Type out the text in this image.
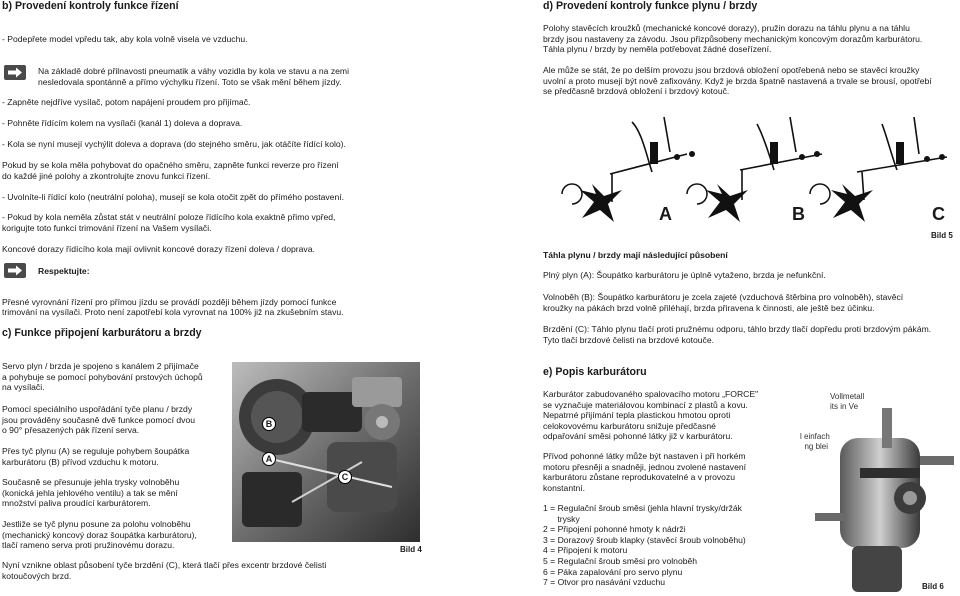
b) Provedení kontroly funkce řízení
- Podepřete model vpředu tak, aby kola volně visela ve vzduchu.
Na základě dobré přilnavosti pneumatik a váhy vozidla by kola ve stavu a na zemi
nesledovala spontánně a přímo výchylku řízení. Toto se však mění během jízdy.
- Zapněte nejdříve vysílač, potom napájení proudem pro přijímač.
- Pohněte řídícím kolem na vysílači (kanál 1) doleva a doprava.
- Kola se nyní musejí vychýlit doleva a doprava (do stejného směru, jak otáčíte řídící kolo).
Pokud by se kola měla pohybovat do opačného směru, zapněte funkci reverze pro řízení
do každé jiné polohy a zkontrolujte znovu funkci řízení.
- Uvolníte-li řídící kolo (neutrální poloha), musejí se kola otočit zpět do přímého postavení.
- Pokud by kola neměla zůstat stát v neutrální poloze řídícího kola exaktně přimo vpřed,
korigujte toto funkcí trimování řízení na Vašem vysílači.
Koncové dorazy řídícího kola mají ovlivnit koncové dorazy řízení doleva / doprava.
Respektujte:

Přesné vyrovnání řízení pro přímou jízdu se provádí později během jízdy pomocí funkce
trimování na vysílači. Proto není zapotřebí kola vyrovnat na 100% již na zkušebním stavu.

c) Funkce připojení karburátoru a brzdy
Servo plyn / brzda je spojeno s kanálem 2 přijímače
a pohybuje se pomocí pohybování prstových úchopů
na vysílači.
Pomocí speciálního uspořádání tyče planu / brzdy
jsou prováděny současně dvě funkce pomocí dvou
o 90° přesazených pák řízení serva.
Přes tyč plynu (A) se reguluje pohybem šoupátka
karburátoru (B) přívod vzduchu k motoru.
Současně se přesunuje jehla trysky volnoběhu
(konická jehla jehlového ventilu) a tak se mění
množství paliva proudící karburátorem.
Jestliže se tyč plynu posune za polohu volnoběhu
(mechanický koncový doraz šoupátka karburátoru),
tlačí rameno serva proti pružinovému dorazu.
Nyní vznikne oblast působení tyče brzdění (C), která tlačí přes excentr brzdové čelisti
kotoučových brzd.
B
A
C
Bild 4
d) Provedení kontroly funkce plynu / brzdy
Polohy stavěcích kroužků (mechanické koncové dorazy), pružin dorazu na táhlu plynu a na táhlu
brzdy jsou nastaveny za závodu. Jsou přizpůsobeny mechanickým koncovým dorazům karburátoru.
Táhla plynu / brzdy by neměla potřebovat žádné doseřízení.
Ale může se stát, že po delším provozu jsou brzdová obložení opotřebená nebo se stavěcí kroužky
uvolní a proto musejí být nově zafixovány. Když je brzda špatně nastavená a trvale se brousí, opotřebí
se předčasně brzdová obložení i brzdový kotouč.
A	B	C
Bild 5
Táhla plynu / brzdy mají následující působení
Plný plyn (A): Šoupátko karburátoru je úplně vytaženo, brzda je nefunkční.
Volnoběh (B): Šoupátko karburátoru je zcela zajeté (vzduchová štěrbina pro volnoběh), stavěcí
kroužky na pákách brzd volně přiléhají, brzda přiravena k činnosti, ale ještě bez účinku.
Brzdění (C): Táhlo plynu tlačí proti pružnému odporu, táhlo brzdy tlačí dopředu proti brzdovým pákám.
Tyto tlačí brzdové čelisti na brzdové kotouče.
e) Popis karburátoru
Karburátor zabudovaného spalovacího motoru „FORCE"
se vyznačuje materiálovou kombinací z plastů a kovu.
Nepatrné přijímání tepla plastickou hmotou oproti
celokovovému karburátoru snižuje předčasné
odpařování směsi pohonné látky již v karburátoru.
Přívod pohonné látky může být nastaven i při horkém
motoru přesněji a snadněji, jednou zvolené nastavení
karburátoru zůstane reprodukovatelné a v provozu
konstantní.
1 = Regulační šroub směsi (jehla hlavní trysky/držák
trysky
2 = Připojení pohonné hmoty k nádrži
3 = Dorazový šroub klapky (stavěcí šroub volnoběhu)
4 = Připojení k motoru
5 = Regulační šroub směsi pro volnoběh
6 = Páka zapalování pro servo plynu
7 = Otvor pro nasávání vzduchu
Vollmetall
its in Ve
l einfach
ng blei
Bild 6
